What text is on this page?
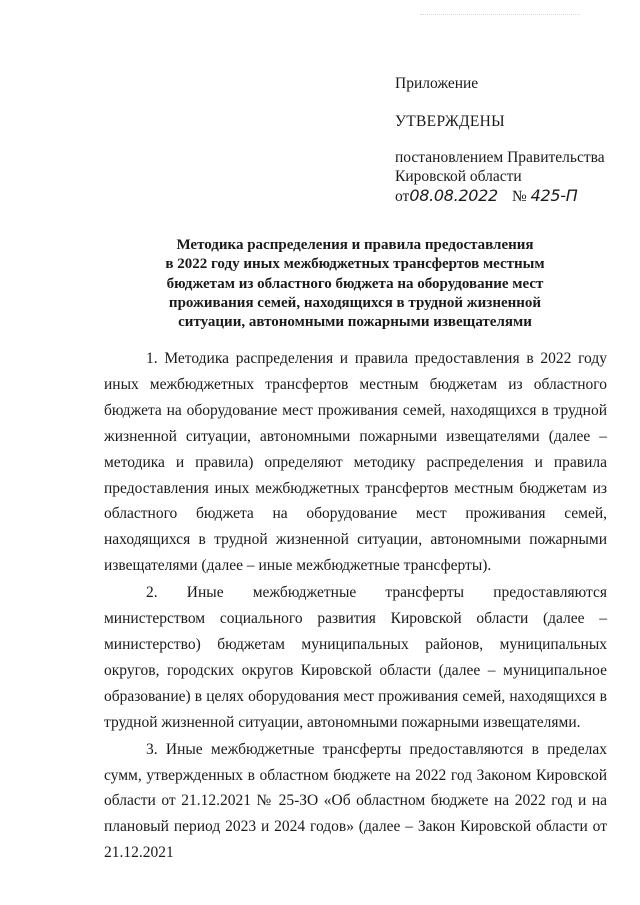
Приложение
УТВЕРЖДЕНЫ
постановлением Правительства
Кировской области
от08.08.2022 № 425-П
Методика распределения и правила предоставления
в 2022 году иных межбюджетных трансфертов местным
бюджетам из областного бюджета на оборудование мест
проживания семей, находящихся в трудной жизненной
ситуации, автономными пожарными извещателями

1. Методика распределения и правила предоставления в 2022 году иных межбюджетных трансфертов местным бюджетам из областного бюджета на оборудование мест проживания семей, находящихся в трудной жизненной ситуации, автономными пожарными извещателями (далее – методика и правила) определяют методику распределения и правила предоставления иных межбюджетных трансфертов местным бюджетам из областного бюджета на оборудование мест проживания семей, находящихся в трудной жизненной ситуации, автономными пожарными извещателями (далее – иные межбюджетные трансферты).

2. Иные межбюджетные трансферты предоставляются министерством социального развития Кировской области (далее – министерство) бюджетам муниципальных районов, муниципальных округов, городских округов Кировской области (далее – муниципальное образование) в целях оборудования мест проживания семей, находящихся в трудной жизненной ситуации, автономными пожарными извещателями.

3. Иные межбюджетные трансферты предоставляются в пределах сумм, утвержденных в областном бюджете на 2022 год Законом Кировской области от 21.12.2021 № 25-ЗО «Об областном бюджете на 2022 год и на плановый период 2023 и 2024 годов» (далее – Закон Кировской области от 21.12.2021
